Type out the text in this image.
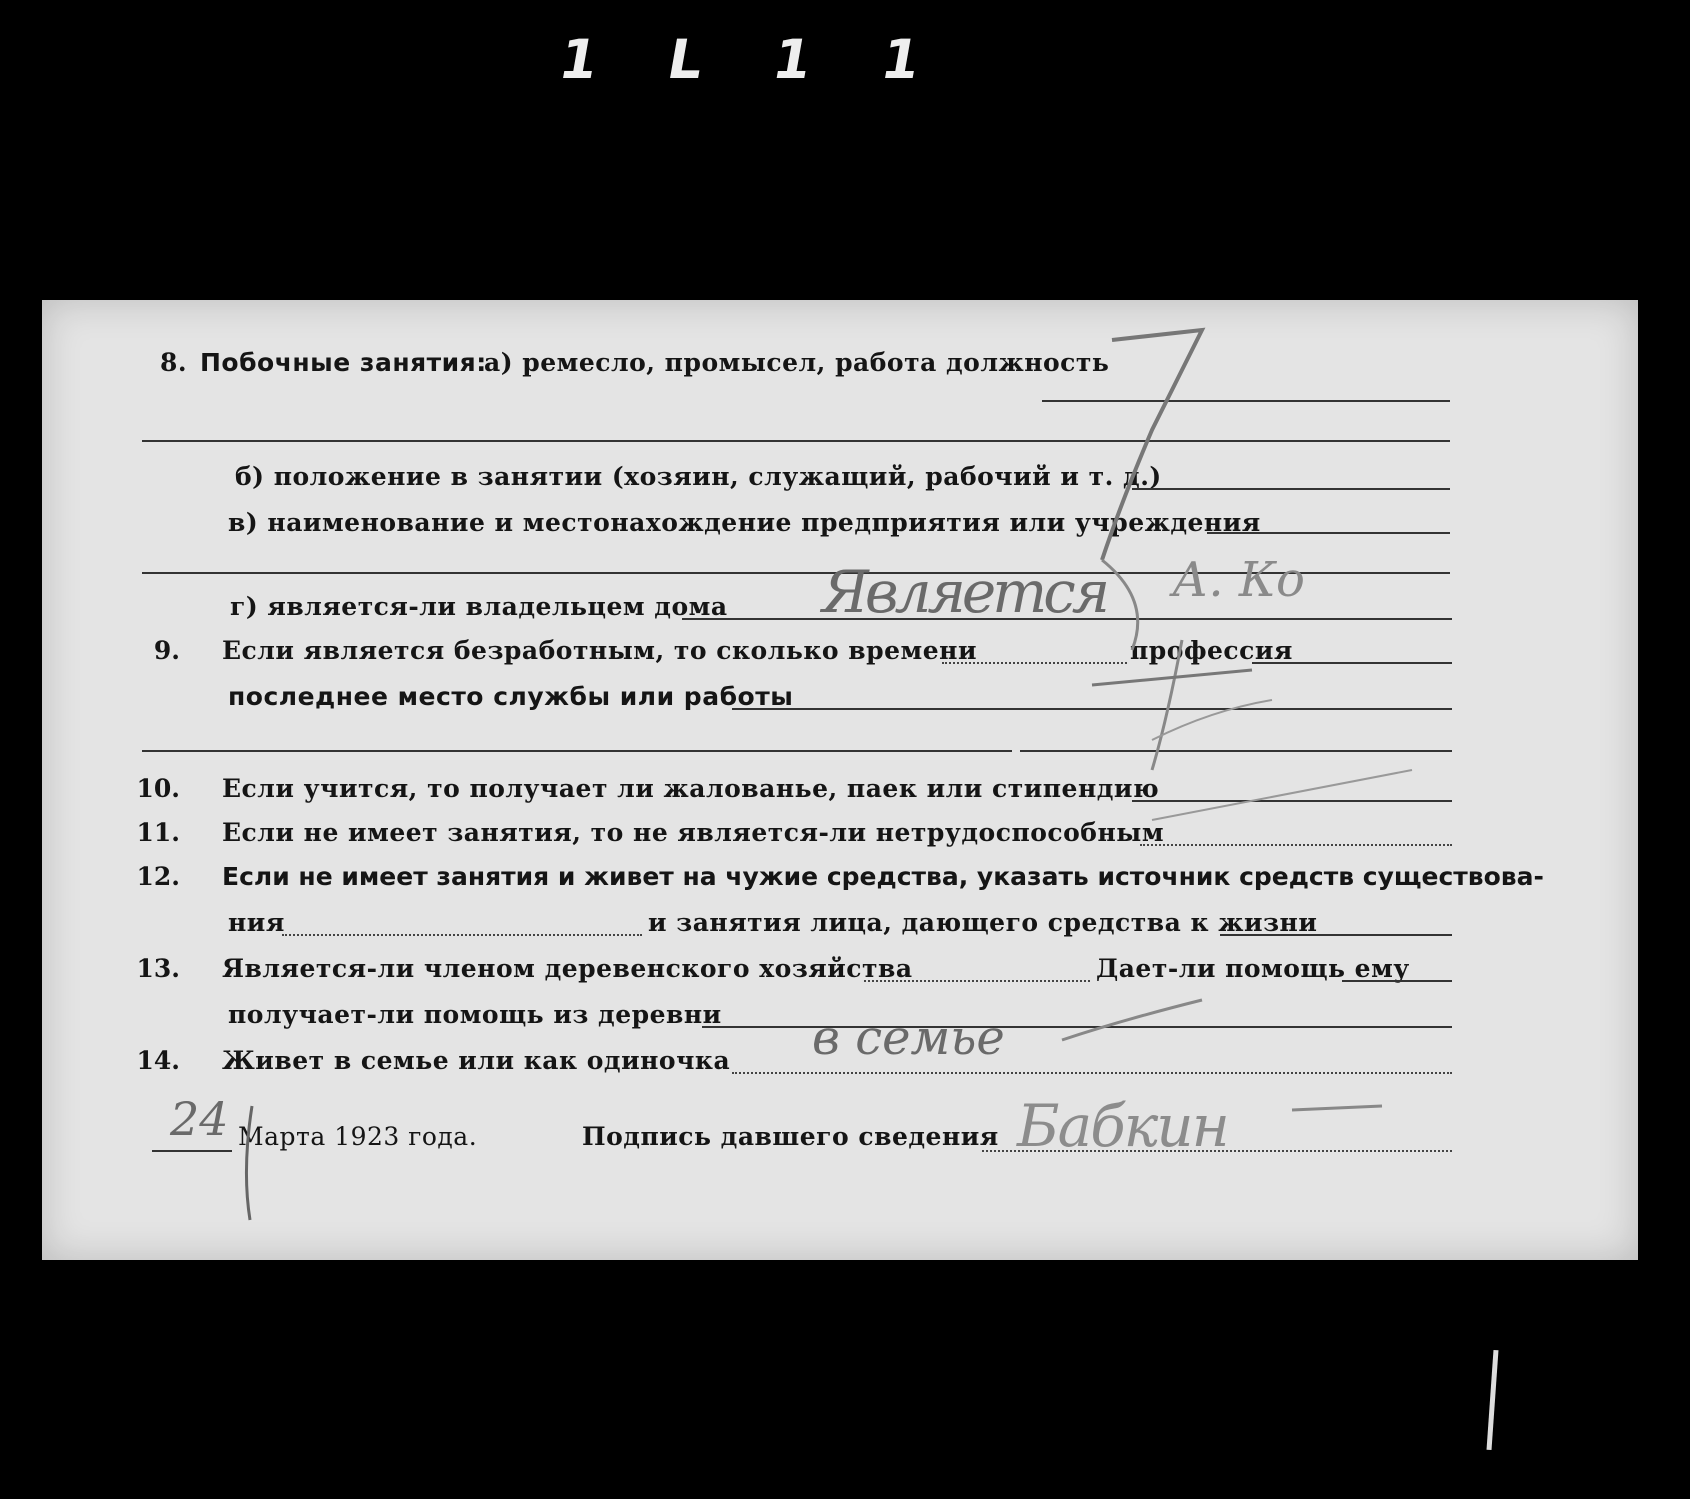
1 L 1 1
8. Побочные занятия:
а) ремесло, промысел, работа должность
б) положение в занятии (хозяин, служащий, рабочий и т. д.)
в) наименование и местонахождение предприятия или учреждения
г) является-ли владельцем дома
9. Если является безработным, то сколько времени	профессия
последнее место службы или работы
10. Если учится, то получает ли жалованье, паек или стипендию
11. Если не имеет занятия, то не является-ли нетрудоспособным
12. Если не имеет занятия и живет на чужие средства, указать источник средств существова-
ния	и занятия лица, дающего средства к жизни
13. Является-ли членом деревенского хозяйства	Дает-ли помощь ему
получает-ли помощь из деревни
14. Живет в семье или как одиночка
24 Марта 1923 года.	Подпись давшего сведения
Является А. Ко
в семье
Бабкин
